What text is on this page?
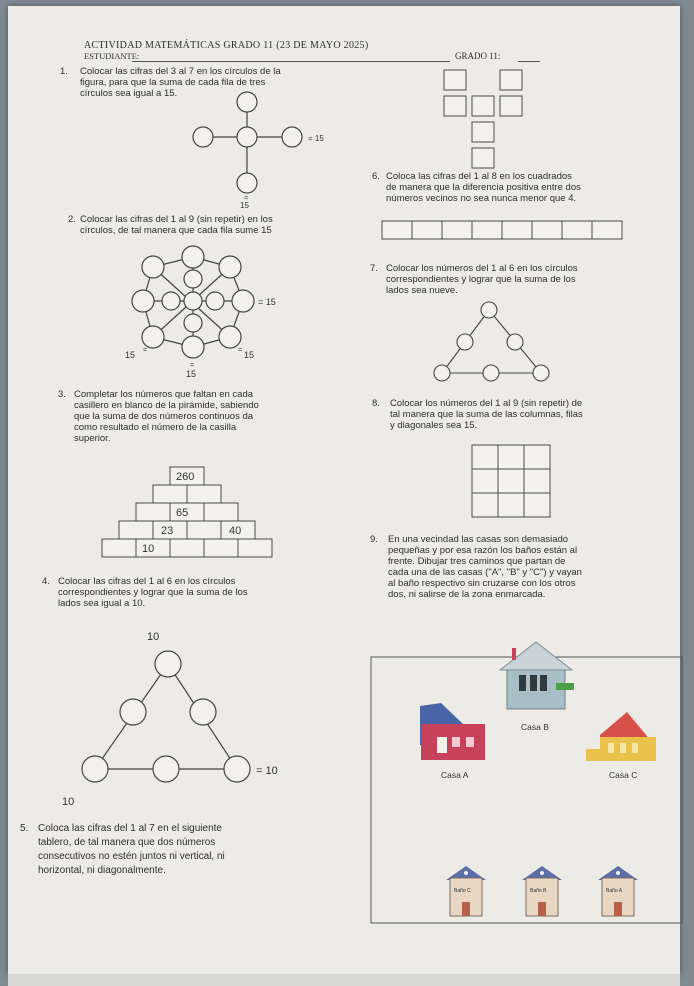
ACTIVIDAD MATEMÁTICAS GRADO 11 (23 DE MAYO 2025)
ESTUDIANTE:	GRADO 11:
1. Colocar las cifras del 3 al 7 en los círculos de la
figura, para que la suma de cada fila de tres
círculos sea igual a 15.
2. Colocar las cifras del 1 al 9 (sin repetir) en los
círculos, de tal manera que cada fila sume 15
3. Completar los números que faltan en cada
casillero en blanco de la pirámide, sabiendo
que la suma de dos números continuos da
como resultado el número de la casilla
superior.
4. Colocar las cifras del 1 al 6 en los círculos
correspondientes y lograr que la suma de los
lados sea igual a 10.
5. Coloca las cifras del 1 al 7 en el siguiente
tablero, de tal manera que dos números
consecutivos no estén juntos ni vertical, ni
horizontal, ni diagonalmente.
6. Coloca las cifras del 1 al 8 en los cuadrados
de manera que la diferencia positiva entre dos
números vecinos no sea nunca menor que 4.
7. Colocar los números del 1 al 6 en los círculos
correspondientes y lograr que la suma de los
lados sea nueve.
8. Colocar los números del 1 al 9 (sin repetir) de
tal manera que la suma de las columnas, filas
y diagonales sea 15.
9. En una vecindad las casas son demasiado
pequeñas y por esa razón los baños están al
frente. Dibujar tres caminos que partan de
cada una de las casas ("A", "B" y "C") y vayan
al baño respectivo sin cruzarse con los otros
dos, ni salirse de la zona enmarcada.
= 15
=
15
= 15
15 =	= 15
=
15
260
65
23	40
10
10
= 10
10
Casa B
Casa A	Casa C
Baño C	Baño B	Baño A
